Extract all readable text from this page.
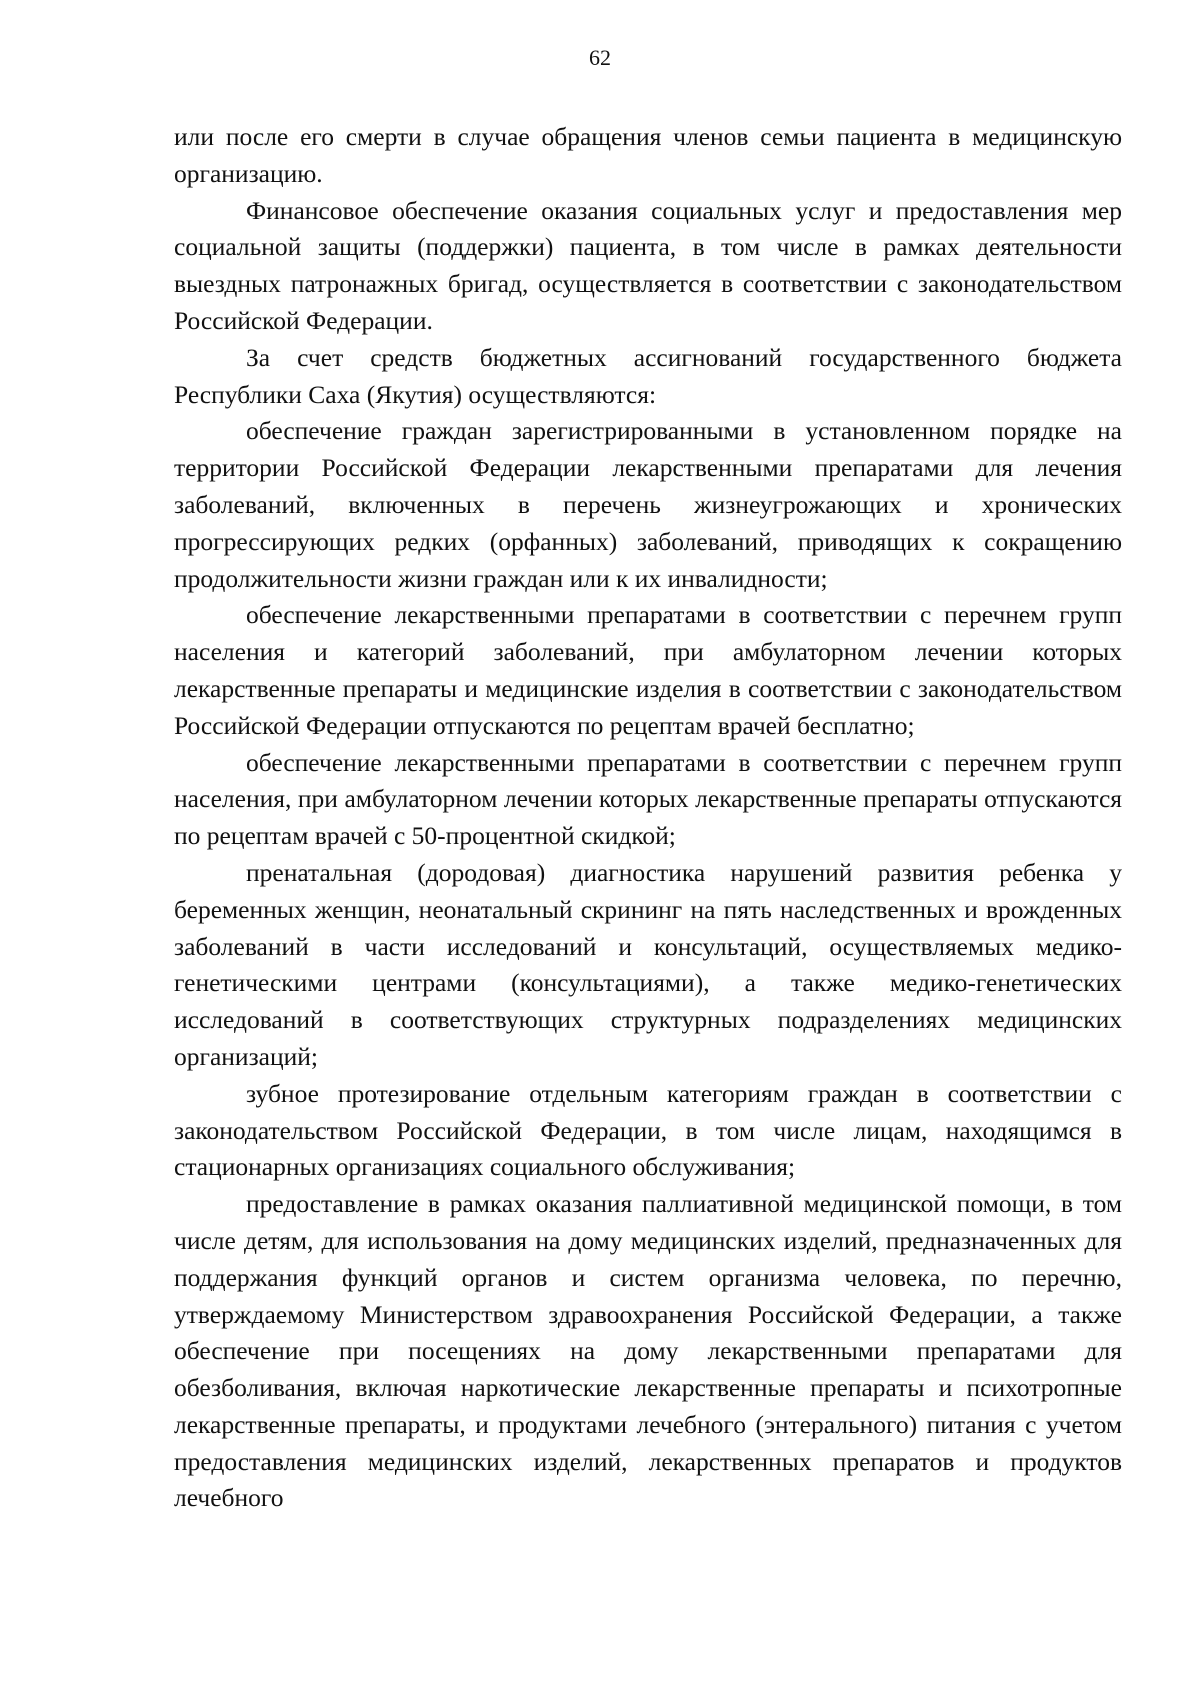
62

или после его смерти в случае обращения членов семьи пациента в медицинскую организацию.

Финансовое обеспечение оказания социальных услуг и предоставления мер социальной защиты (поддержки) пациента, в том числе в рамках деятельности выездных патронажных бригад, осуществляется в соответствии с законодательством Российской Федерации.

За счет средств бюджетных ассигнований государственного бюджета Республики Саха (Якутия) осуществляются:

обеспечение граждан зарегистрированными в установленном порядке на территории Российской Федерации лекарственными препаратами для лечения заболеваний, включенных в перечень жизнеугрожающих и хронических прогрессирующих редких (орфанных) заболеваний, приводящих к сокращению продолжительности жизни граждан или к их инвалидности;

обеспечение лекарственными препаратами в соответствии с перечнем групп населения и категорий заболеваний, при амбулаторном лечении которых лекарственные препараты и медицинские изделия в соответствии с законодательством Российской Федерации отпускаются по рецептам врачей бесплатно;

обеспечение лекарственными препаратами в соответствии с перечнем групп населения, при амбулаторном лечении которых лекарственные препараты отпускаются по рецептам врачей с 50-процентной скидкой;

пренатальная (дородовая) диагностика нарушений развития ребенка у беременных женщин, неонатальный скрининг на пять наследственных и врожденных заболеваний в части исследований и консультаций, осуществляемых медико-генетическими центрами (консультациями), а также медико-генетических исследований в соответствующих структурных подразделениях медицинских организаций;

зубное протезирование отдельным категориям граждан в соответствии с законодательством Российской Федерации, в том числе лицам, находящимся в стационарных организациях социального обслуживания;

предоставление в рамках оказания паллиативной медицинской помощи, в том числе детям, для использования на дому медицинских изделий, предназначенных для поддержания функций органов и систем организма человека, по перечню, утверждаемому Министерством здравоохранения Российской Федерации, а также обеспечение при посещениях на дому лекарственными препаратами для обезболивания, включая наркотические лекарственные препараты и психотропные лекарственные препараты, и продуктами лечебного (энтерального) питания с учетом предоставления медицинских изделий, лекарственных препаратов и продуктов лечебного
